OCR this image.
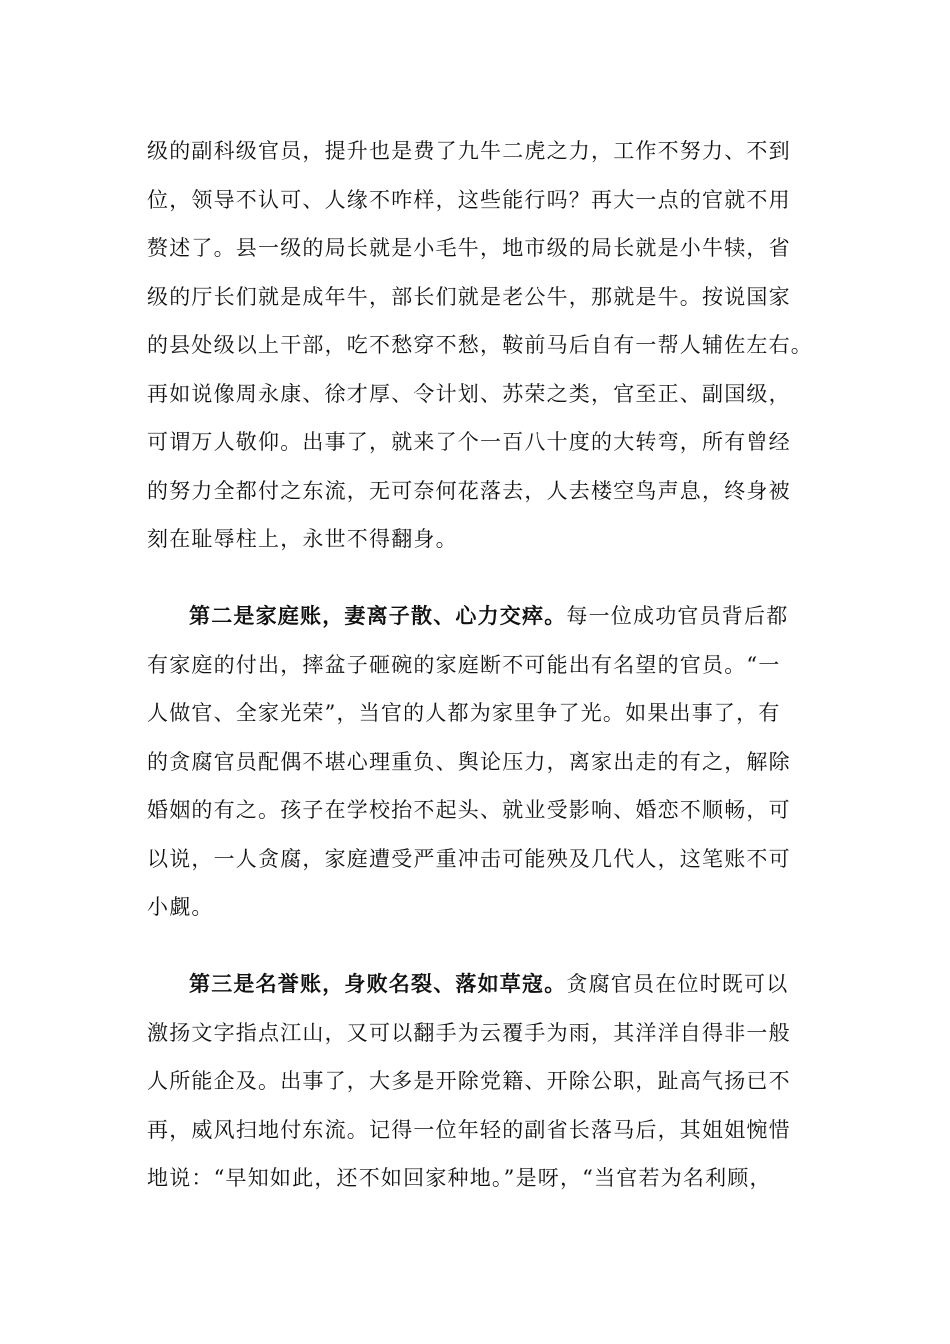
级的副科级官员，提升也是费了九牛二虎之力，工作不努力、不到
位，领导不认可、人缘不咋样，这些能行吗？再大一点的官就不用
赘述了。县一级的局长就是小毛牛，地市级的局长就是小牛犊，省
级的厅长们就是成年牛，部长们就是老公牛，那就是牛。按说国家
的县处级以上干部，吃不愁穿不愁，鞍前马后自有一帮人辅佐左右。
再如说像周永康、徐才厚、令计划、苏荣之类，官至正、副国级，
可谓万人敬仰。出事了，就来了个一百八十度的大转弯，所有曾经
的努力全都付之东流，无可奈何花落去，人去楼空鸟声息，终身被
刻在耻辱柱上，永世不得翻身。
第二是家庭账，妻离子散、心力交瘁。每一位成功官员背后都
有家庭的付出，摔盆子砸碗的家庭断不可能出有名望的官员。“一
人做官、全家光荣”，当官的人都为家里争了光。如果出事了，有
的贪腐官员配偶不堪心理重负、舆论压力，离家出走的有之，解除
婚姻的有之。孩子在学校抬不起头、就业受影响、婚恋不顺畅，可
以说，一人贪腐，家庭遭受严重冲击可能殃及几代人，这笔账不可
小觑。
第三是名誉账，身败名裂、落如草寇。贪腐官员在位时既可以
激扬文字指点江山，又可以翻手为云覆手为雨，其洋洋自得非一般
人所能企及。出事了，大多是开除党籍、开除公职，趾高气扬已不
再，威风扫地付东流。记得一位年轻的副省长落马后，其姐姐惋惜
地说：“早知如此，还不如回家种地。”是呀，“当官若为名利顾，
